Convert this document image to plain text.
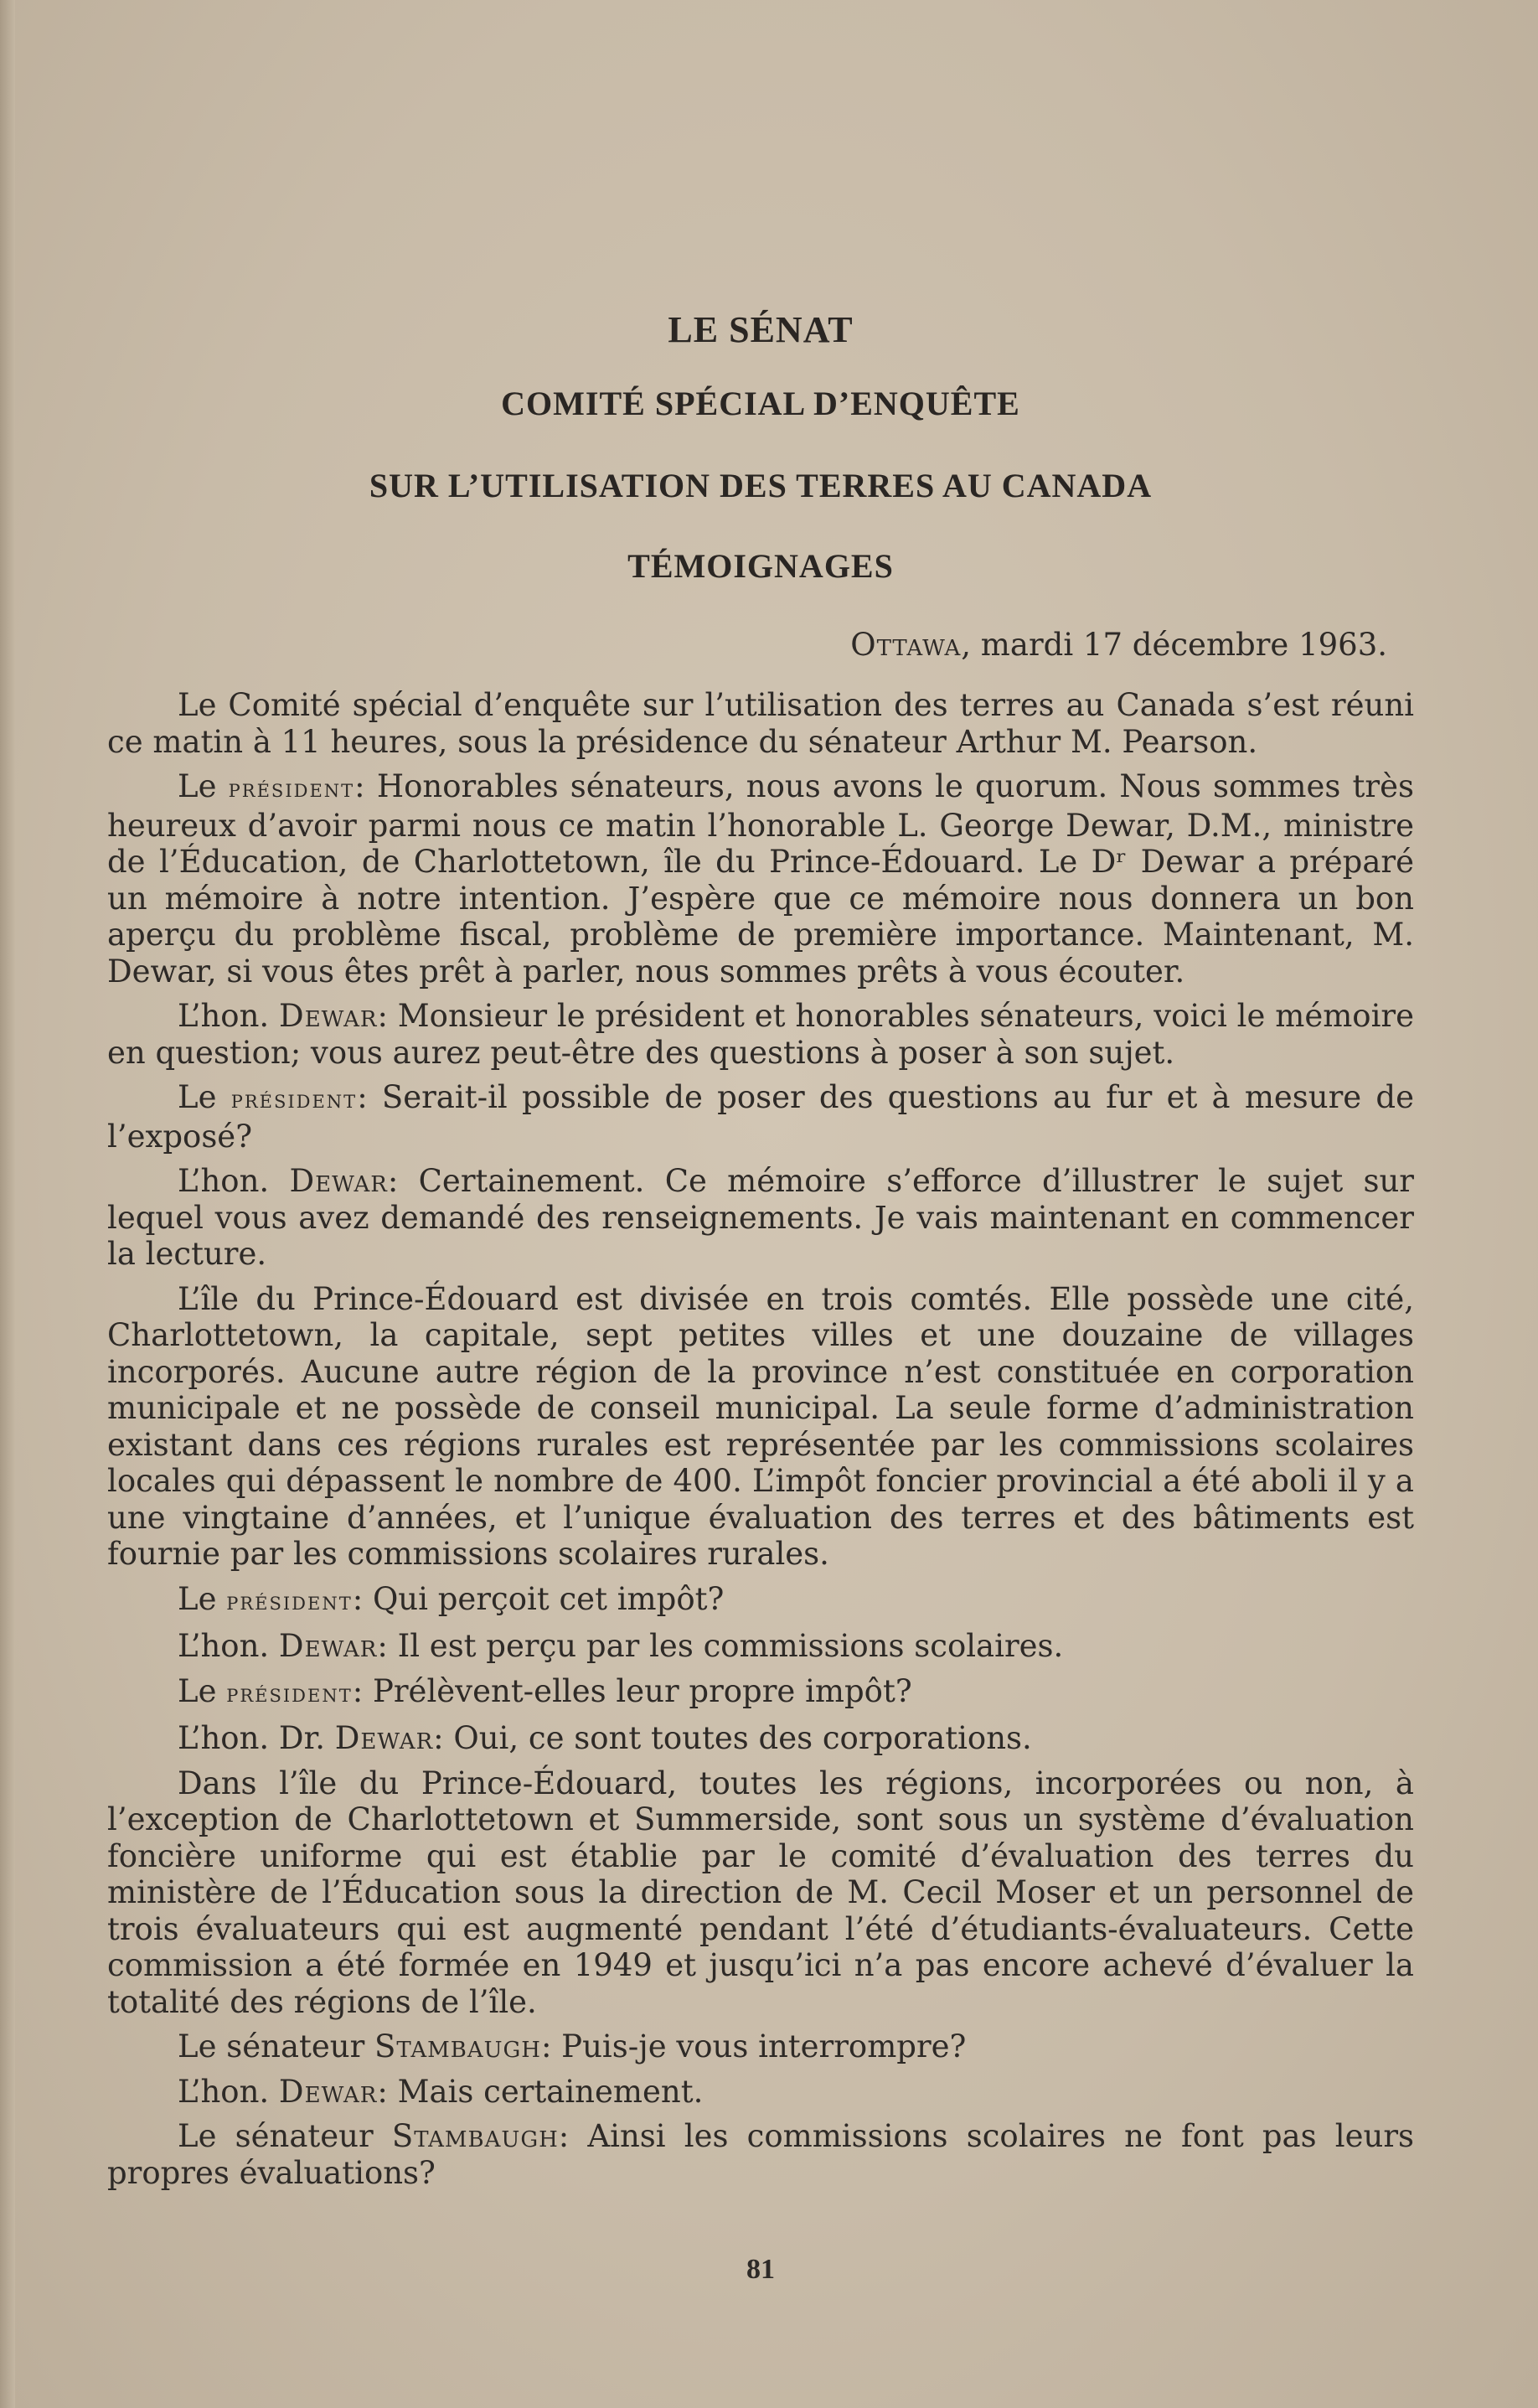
LE SÉNAT
COMITÉ SPÉCIAL D’ENQUÊTE
SUR L’UTILISATION DES TERRES AU CANADA
TÉMOIGNAGES
Ottawa, mardi 17 décembre 1963.

Le Comité spécial d’enquête sur l’utilisation des terres au Canada s’est réuni ce matin à 11 heures, sous la présidence du sénateur Arthur M. Pearson.

Le président: Honorables sénateurs, nous avons le quorum. Nous sommes très heureux d’avoir parmi nous ce matin l’honorable L. George Dewar, D.M., ministre de l’Éducation, de Charlottetown, île du Prince-Édouard. Le Dʳ Dewar a préparé un mémoire à notre intention. J’espère que ce mémoire nous donnera un bon aperçu du problème fiscal, problème de première importance. Maintenant, M. Dewar, si vous êtes prêt à parler, nous sommes prêts à vous écouter.

L’hon. Dewar: Monsieur le président et honorables sénateurs, voici le mémoire en question; vous aurez peut-être des questions à poser à son sujet.

Le président: Serait-il possible de poser des questions au fur et à mesure de l’exposé?

L’hon. Dewar: Certainement. Ce mémoire s’efforce d’illustrer le sujet sur lequel vous avez demandé des renseignements. Je vais maintenant en commencer la lecture.

L’île du Prince-Édouard est divisée en trois comtés. Elle possède une cité, Charlottetown, la capitale, sept petites villes et une douzaine de villages incorporés. Aucune autre région de la province n’est constituée en corporation municipale et ne possède de conseil municipal. La seule forme d’administration existant dans ces régions rurales est représentée par les commissions scolaires locales qui dépassent le nombre de 400. L’impôt foncier provincial a été aboli il y a une vingtaine d’années, et l’unique évaluation des terres et des bâtiments est fournie par les commissions scolaires rurales.

Le président: Qui perçoit cet impôt?

L’hon. Dewar: Il est perçu par les commissions scolaires.

Le président: Prélèvent-elles leur propre impôt?

L’hon. Dr. Dewar: Oui, ce sont toutes des corporations.

Dans l’île du Prince-Édouard, toutes les régions, incorporées ou non, à l’exception de Charlottetown et Summerside, sont sous un système d’évaluation foncière uniforme qui est établie par le comité d’évaluation des terres du ministère de l’Éducation sous la direction de M. Cecil Moser et un personnel de trois évaluateurs qui est augmenté pendant l’été d’étudiants-évaluateurs. Cette commission a été formée en 1949 et jusqu’ici n’a pas encore achevé d’évaluer la totalité des régions de l’île.

Le sénateur Stambaugh: Puis-je vous interrompre?

L’hon. Dewar: Mais certainement.

Le sénateur Stambaugh: Ainsi les commissions scolaires ne font pas leurs propres évaluations?

81
